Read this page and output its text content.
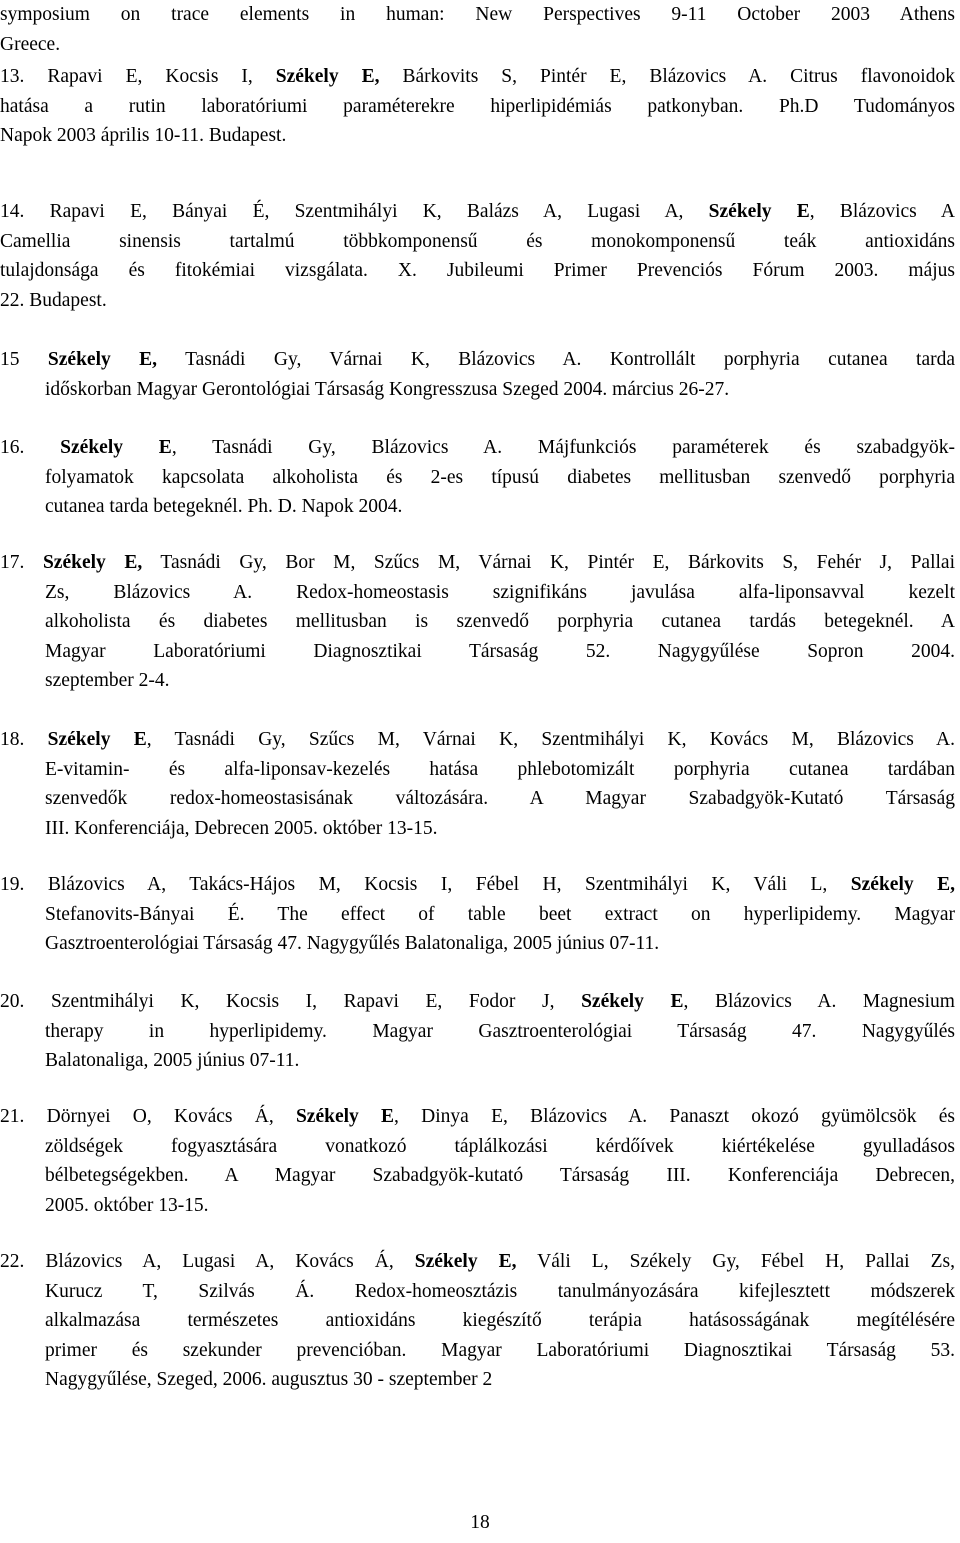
symposium on trace elements in human: New Perspectives 9-11 October 2003 Athens
Greece.
13. Rapavi E, Kocsis I, Székely E, Bárkovits S, Pintér E, Blázovics A. Citrus flavonoidok
hatása a rutin laboratóriumi paraméterekre hiperlipidémiás patkonyban. Ph.D Tudományos
Napok 2003 április 10-11. Budapest.
14. Rapavi E, Bányai É, Szentmihályi K, Balázs A, Lugasi A, Székely E, Blázovics A
Camellia sinensis tartalmú többkomponensű és monokomponensű teák antioxidáns
tulajdonsága és fitokémiai vizsgálata. X. Jubileumi Primer Prevenciós Fórum 2003. május
22. Budapest.
15 Székely E, Tasnádi Gy, Várnai K, Blázovics A. Kontrollált porphyria cutanea tarda
időskorban Magyar Gerontológiai Társaság Kongresszusa Szeged 2004. március 26-27.
16. Székely E, Tasnádi Gy, Blázovics A. Májfunkciós paraméterek és szabadgyök-
folyamatok kapcsolata alkoholista és 2-es típusú diabetes mellitusban szenvedő porphyria
cutanea tarda betegeknél. Ph. D. Napok 2004.
17. Székely E, Tasnádi Gy, Bor M, Szűcs M, Várnai K, Pintér E, Bárkovits S, Fehér J, Pallai
Zs, Blázovics A. Redox-homeostasis szignifikáns javulása alfa-liponsavval kezelt
alkoholista és diabetes mellitusban is szenvedő porphyria cutanea tardás betegeknél. A
Magyar Laboratóriumi Diagnosztikai Társaság 52. Nagygyűlése Sopron 2004.
szeptember 2-4.
18. Székely E, Tasnádi Gy, Szűcs M, Várnai K, Szentmihályi K, Kovács M, Blázovics A.
E-vitamin- és alfa-liponsav-kezelés hatása phlebotomizált porphyria cutanea tardában
szenvedők redox-homeostasisának változására. A Magyar Szabadgyök-Kutató Társaság
III. Konferenciája, Debrecen 2005. október 13-15.
19. Blázovics A, Takács-Hájos M, Kocsis I, Fébel H, Szentmihályi K, Váli L, Székely E,
Stefanovits-Bányai É. The effect of table beet extract on hyperlipidemy. Magyar
Gasztroenterológiai Társaság 47. Nagygyűlés Balatonaliga, 2005 június 07-11.
20. Szentmihályi K, Kocsis I, Rapavi E, Fodor J, Székely E, Blázovics A. Magnesium
therapy in hyperlipidemy. Magyar Gasztroenterológiai Társaság 47. Nagygyűlés
Balatonaliga, 2005 június 07-11.
21. Dörnyei O, Kovács Á, Székely E, Dinya E, Blázovics A. Panaszt okozó gyümölcsök és
zöldségek fogyasztására vonatkozó táplálkozási kérdőívek kiértékelése gyulladásos
bélbetegségekben. A Magyar Szabadgyök-kutató Társaság III. Konferenciája Debrecen,
2005. október 13-15.
22. Blázovics A, Lugasi A, Kovács Á, Székely E, Váli L, Székely Gy, Fébel H, Pallai Zs,
Kurucz T, Szilvás Á. Redox-homeosztázis tanulmányozására kifejlesztett módszerek
alkalmazása természetes antioxidáns kiegészítő terápia hatásosságának megítélésére
primer és szekunder prevencióban. Magyar Laboratóriumi Diagnosztikai Társaság 53.
Nagygyűlése, Szeged, 2006. augusztus 30 - szeptember 2
18
